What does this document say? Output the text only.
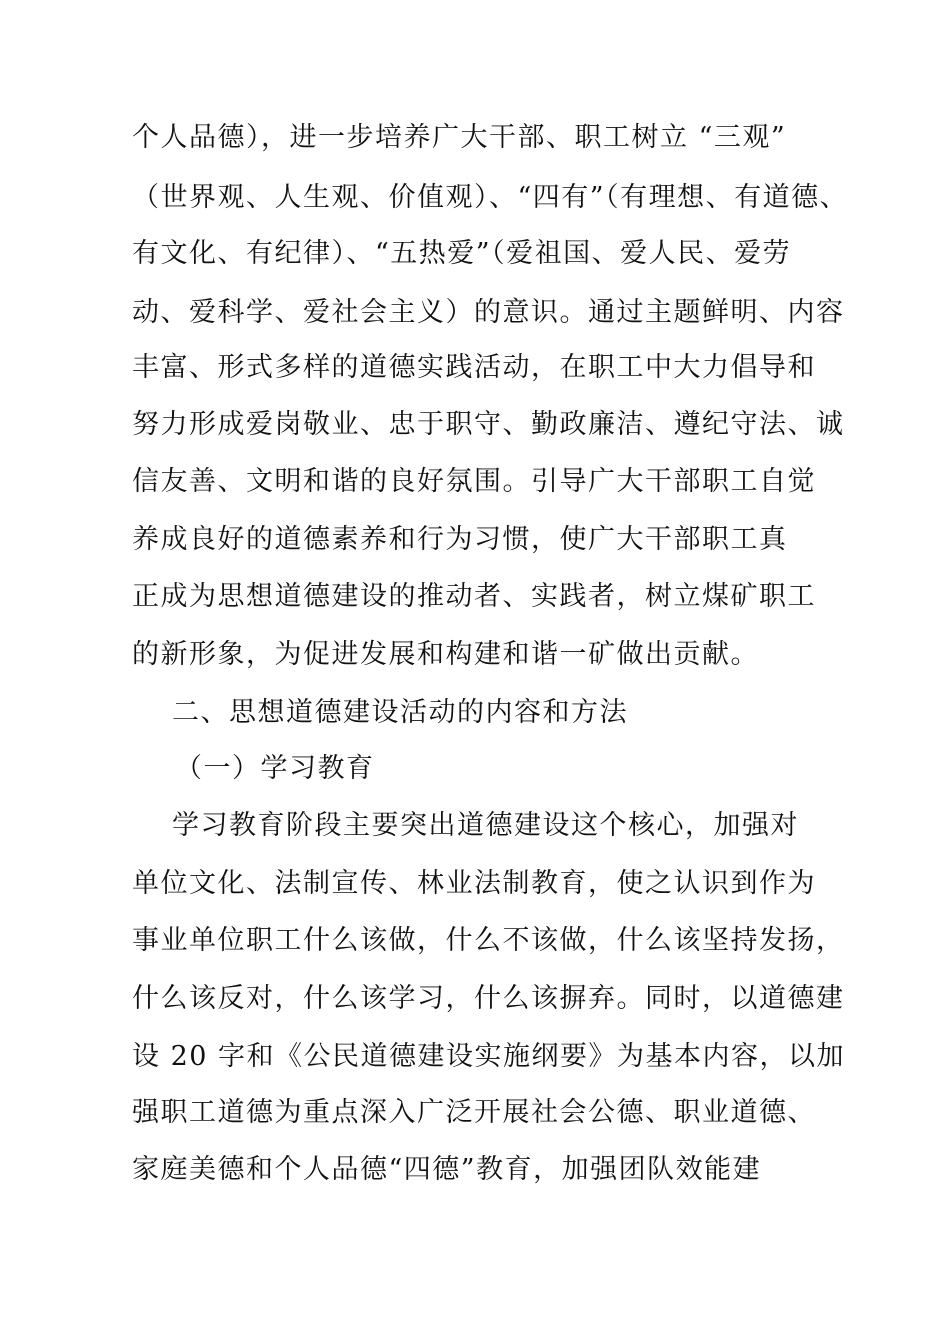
个人品德），进一步培养广大干部、职工树立 “三观”
（世界观、人生观、价值观）、“四有”（有理想、有道德、
有文化、有纪律）、“五热爱”（爱祖国、爱人民、爱劳
动、爱科学、爱社会主义）的意识。通过主题鲜明、内容
丰富、形式多样的道德实践活动，在职工中大力倡导和
努力形成爱岗敬业、忠于职守、勤政廉洁、遵纪守法、诚
信友善、文明和谐的良好氛围。引导广大干部职工自觉
养成良好的道德素养和行为习惯，使广大干部职工真
正成为思想道德建设的推动者、实践者，树立煤矿职工
的新形象，为促进发展和构建和谐一矿做出贡献。
二、思想道德建设活动的内容和方法
（一）学习教育
学习教育阶段主要突出道德建设这个核心，加强对
单位文化、法制宣传、林业法制教育，使之认识到作为
事业单位职工什么该做，什么不该做，什么该坚持发扬，
什么该反对，什么该学习，什么该摒弃。同时，以道德建
设 20 字和《公民道德建设实施纲要》为基本内容，以加
强职工道德为重点深入广泛开展社会公德、职业道德、
家庭美德和个人品德“四德”教育，加强团队效能建
